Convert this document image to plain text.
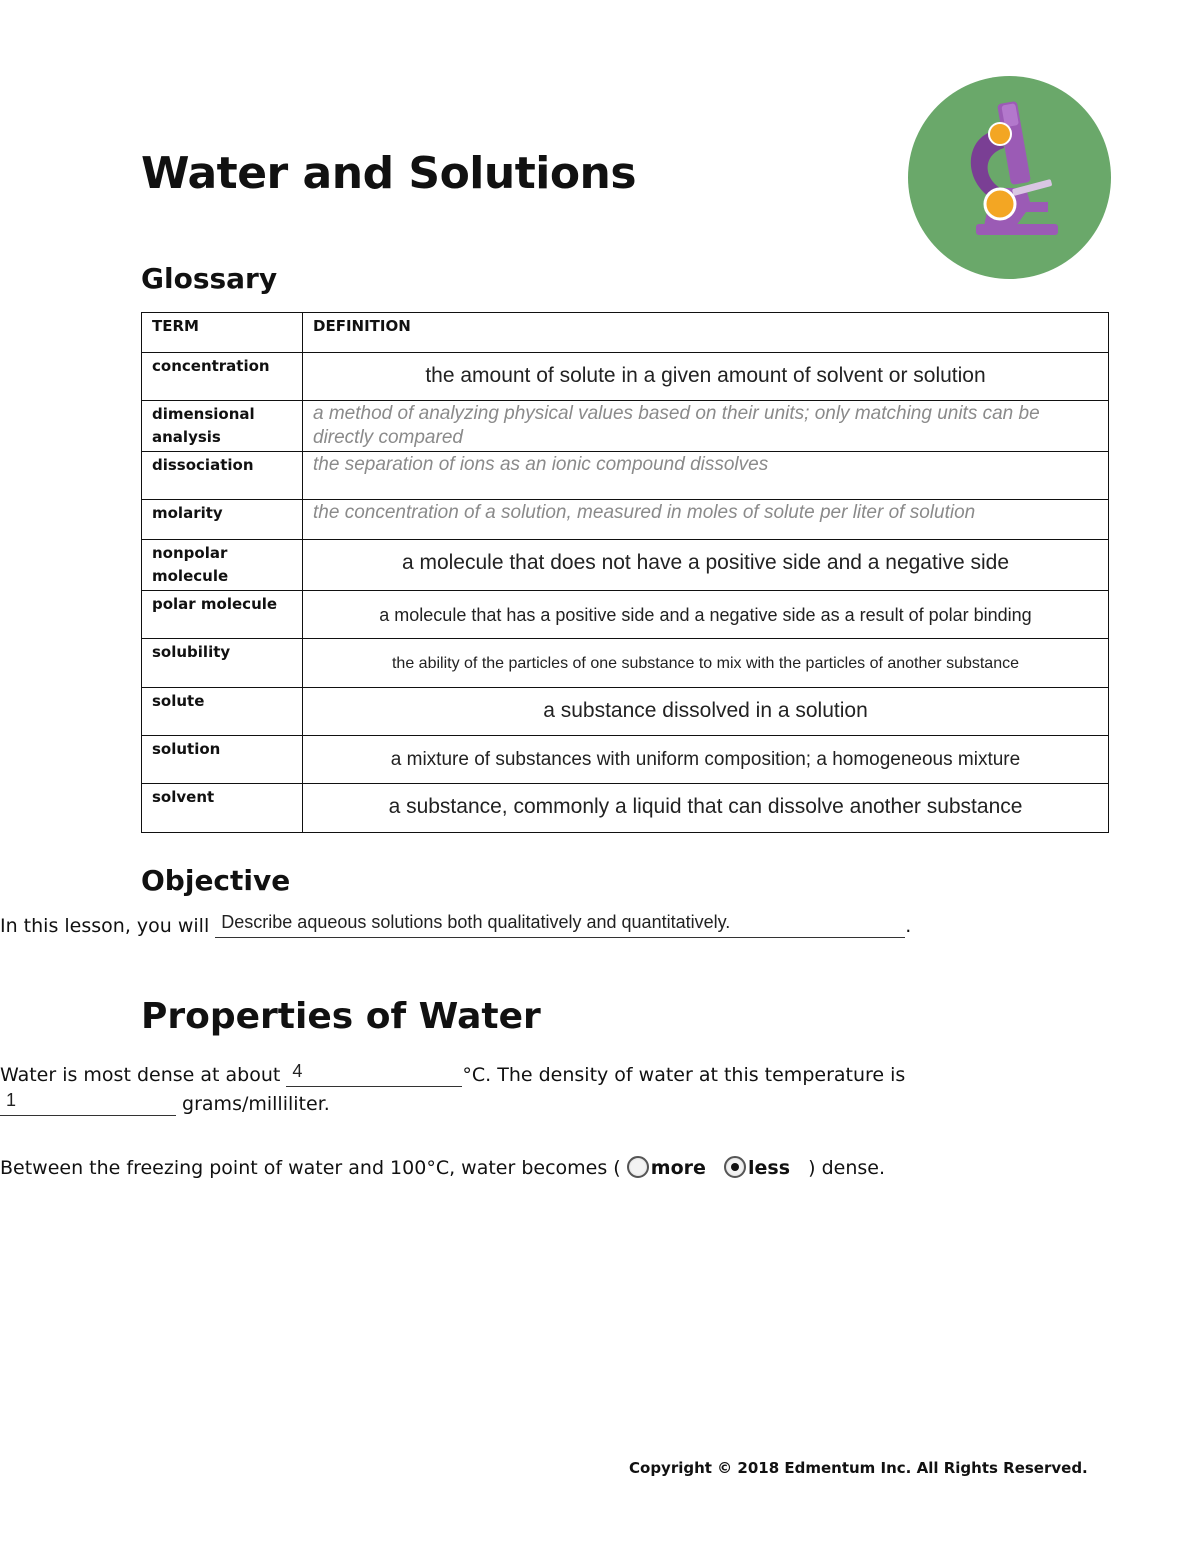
Water and Solutions
Glossary
TERM	DEFINITION

concentration	the amount of solute in a given amount of solvent or solution

dimensional analysis	a method of analyzing physical values based on their units; only matching units can be directly compared

dissociation	the separation of ions as an ionic compound dissolves

molarity	the concentration of a solution, measured in moles of solute per liter of solution

nonpolar molecule	a molecule that does not have a positive side and a negative side

polar molecule	a molecule that has a positive side and a negative side as a result of polar binding

solubility	the ability of the particles of one substance to mix with the particles of another substance

solute	a substance dissolved in a solution

solution	a mixture of substances with uniform composition; a homogeneous mixture

solvent	a substance, commonly a liquid that can dissolve another substance
Objective
In this lesson, you will Describe aqueous solutions both qualitatively and quantitatively.	.
Properties of Water
Water is most dense at about 4	°C. The density of water at this temperature is
1	grams/milliliter.
Between the freezing point of water and 100°C, water becomes ( more less ) dense.
Copyright © 2018 Edmentum Inc. All Rights Reserved.
